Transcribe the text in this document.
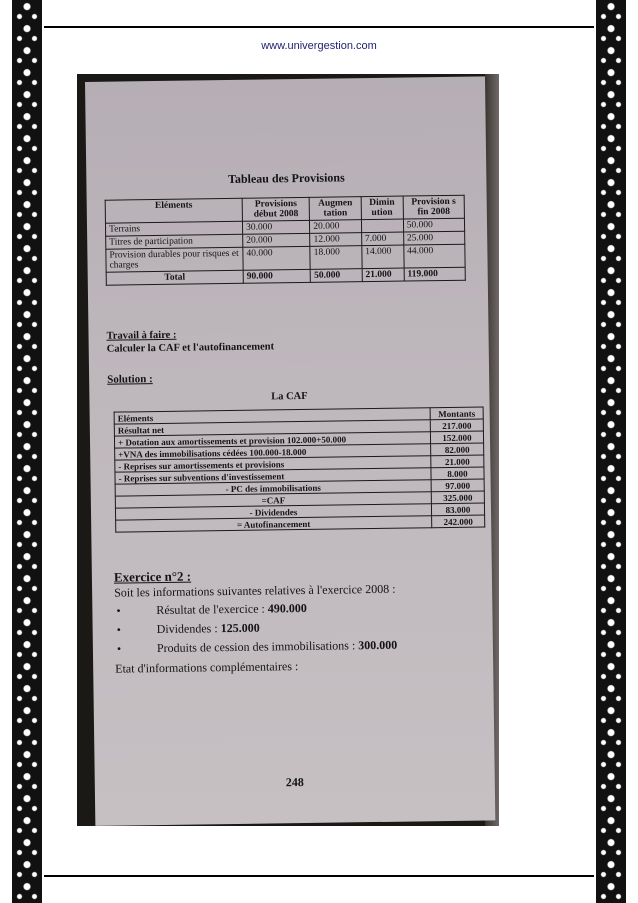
www.univergestion.com
Tableau des Provisions
Eléments	Provisions début 2008	Augmen tation	Dimin ution	Provision s fin 2008
Terrains	30.000	20.000		50.000
Titres de participation	20.000	12.000	7.000	25.000
Provision durables pour risques et charges	40.000	18.000	14.000	44.000
Total	90.000	50.000	21.000	119.000
Travail à faire :
Calculer la CAF et l'autofinancement
Solution :
La CAF
Eléments	Montants
Résultat net	217.000
+ Dotation aux amortissements et provision 102.000+50.000	152.000
+VNA des immobilisations cédées 100.000-18.000	82.000
- Reprises sur amortissements et provisions	21.000
- Reprises sur subventions d'investissement	8.000
- PC des immobilisations	97.000
=CAF	325.000
- Dividendes	83.000
= Autofinancement	242.000
Exercice n°2 :
Soit les informations suivantes relatives à l'exercice 2008 :
• Résultat de l'exercice : 490.000
• Dividendes : 125.000
• Produits de cession des immobilisations : 300.000
Etat d'informations complémentaires :
248
